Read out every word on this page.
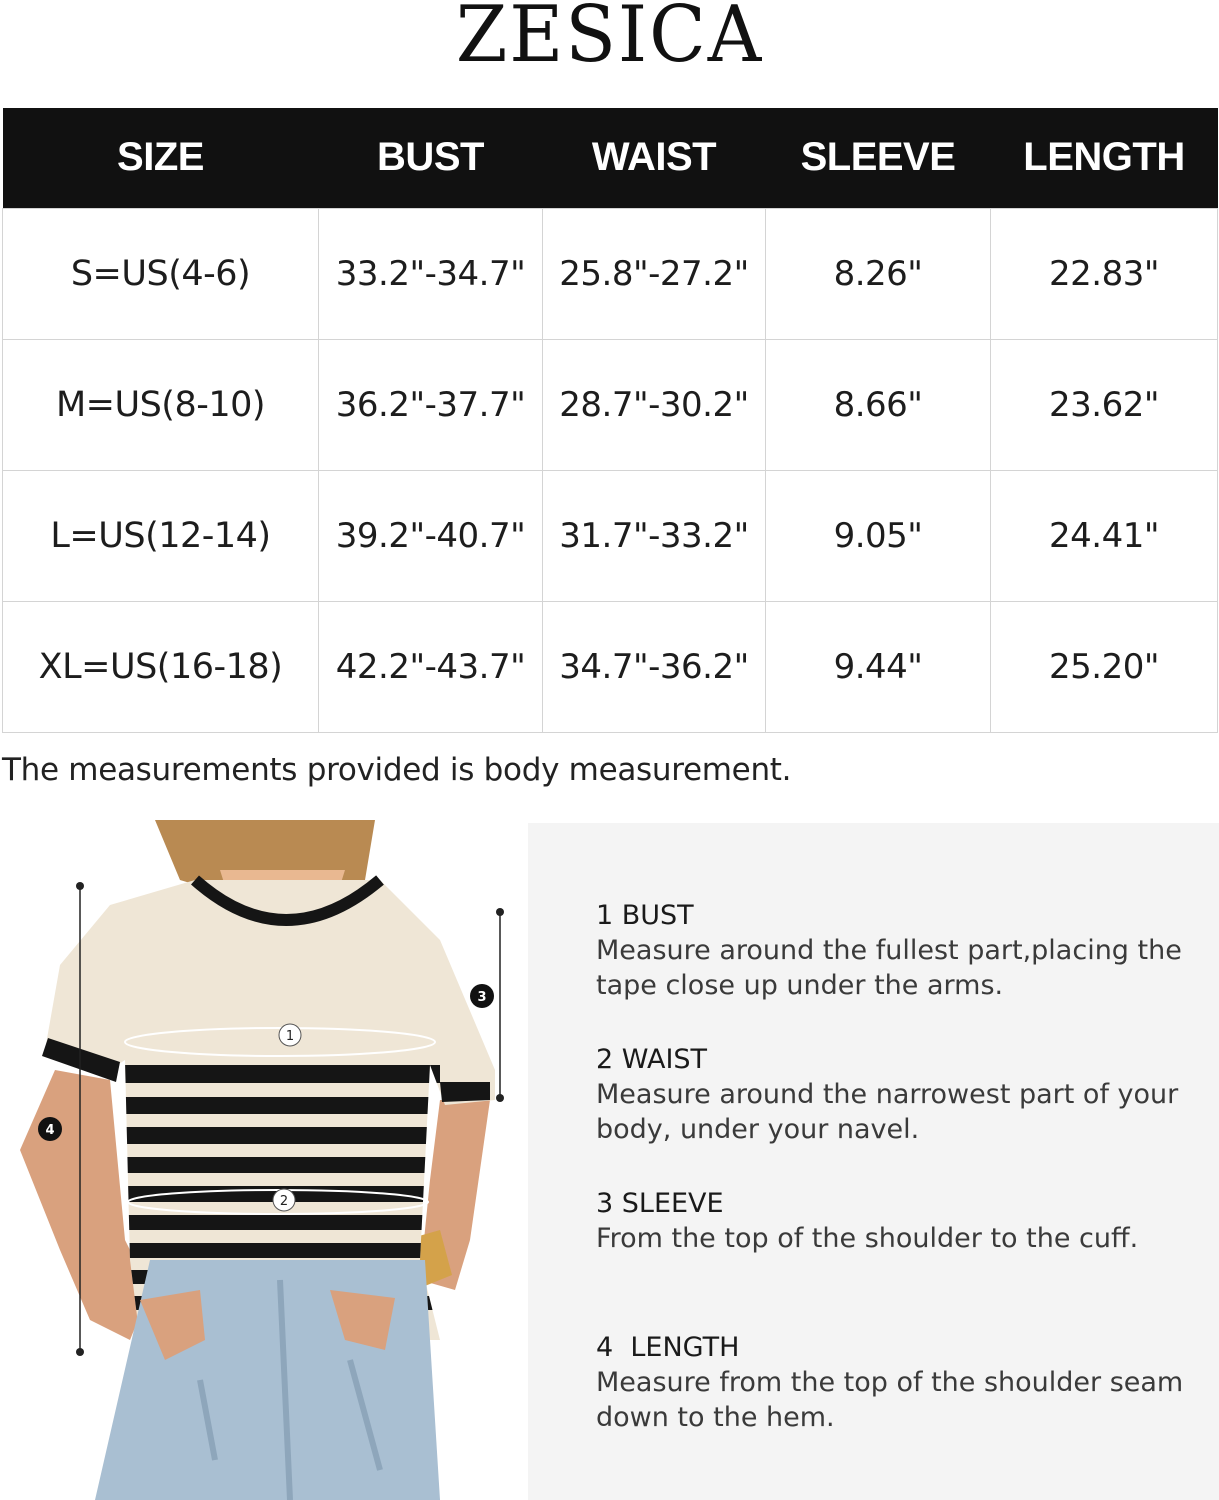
ZESICA
SIZE	BUST	WAIST	SLEEVE	LENGTH
S=US(4-6)	33.2"-34.7"	25.8"-27.2"	8.26"	22.83"
M=US(8-10)	36.2"-37.7"	28.7"-30.2"	8.66"	23.62"
L=US(12-14)	39.2"-40.7"	31.7"-33.2"	9.05"	24.41"
XL=US(16-18)	42.2"-43.7"	34.7"-36.2"	9.44"	25.20"
The measurements provided is body measurement.
1
2
3
4
1 BUST
Measure around the fullest part,placing the tape close up under the arms.
2 WAIST
Measure around the narrowest part of your body, under your navel.
3 SLEEVE
From the top of the shoulder to the cuff.
4  LENGTH
Measure from the top of the shoulder seam down to the hem.
